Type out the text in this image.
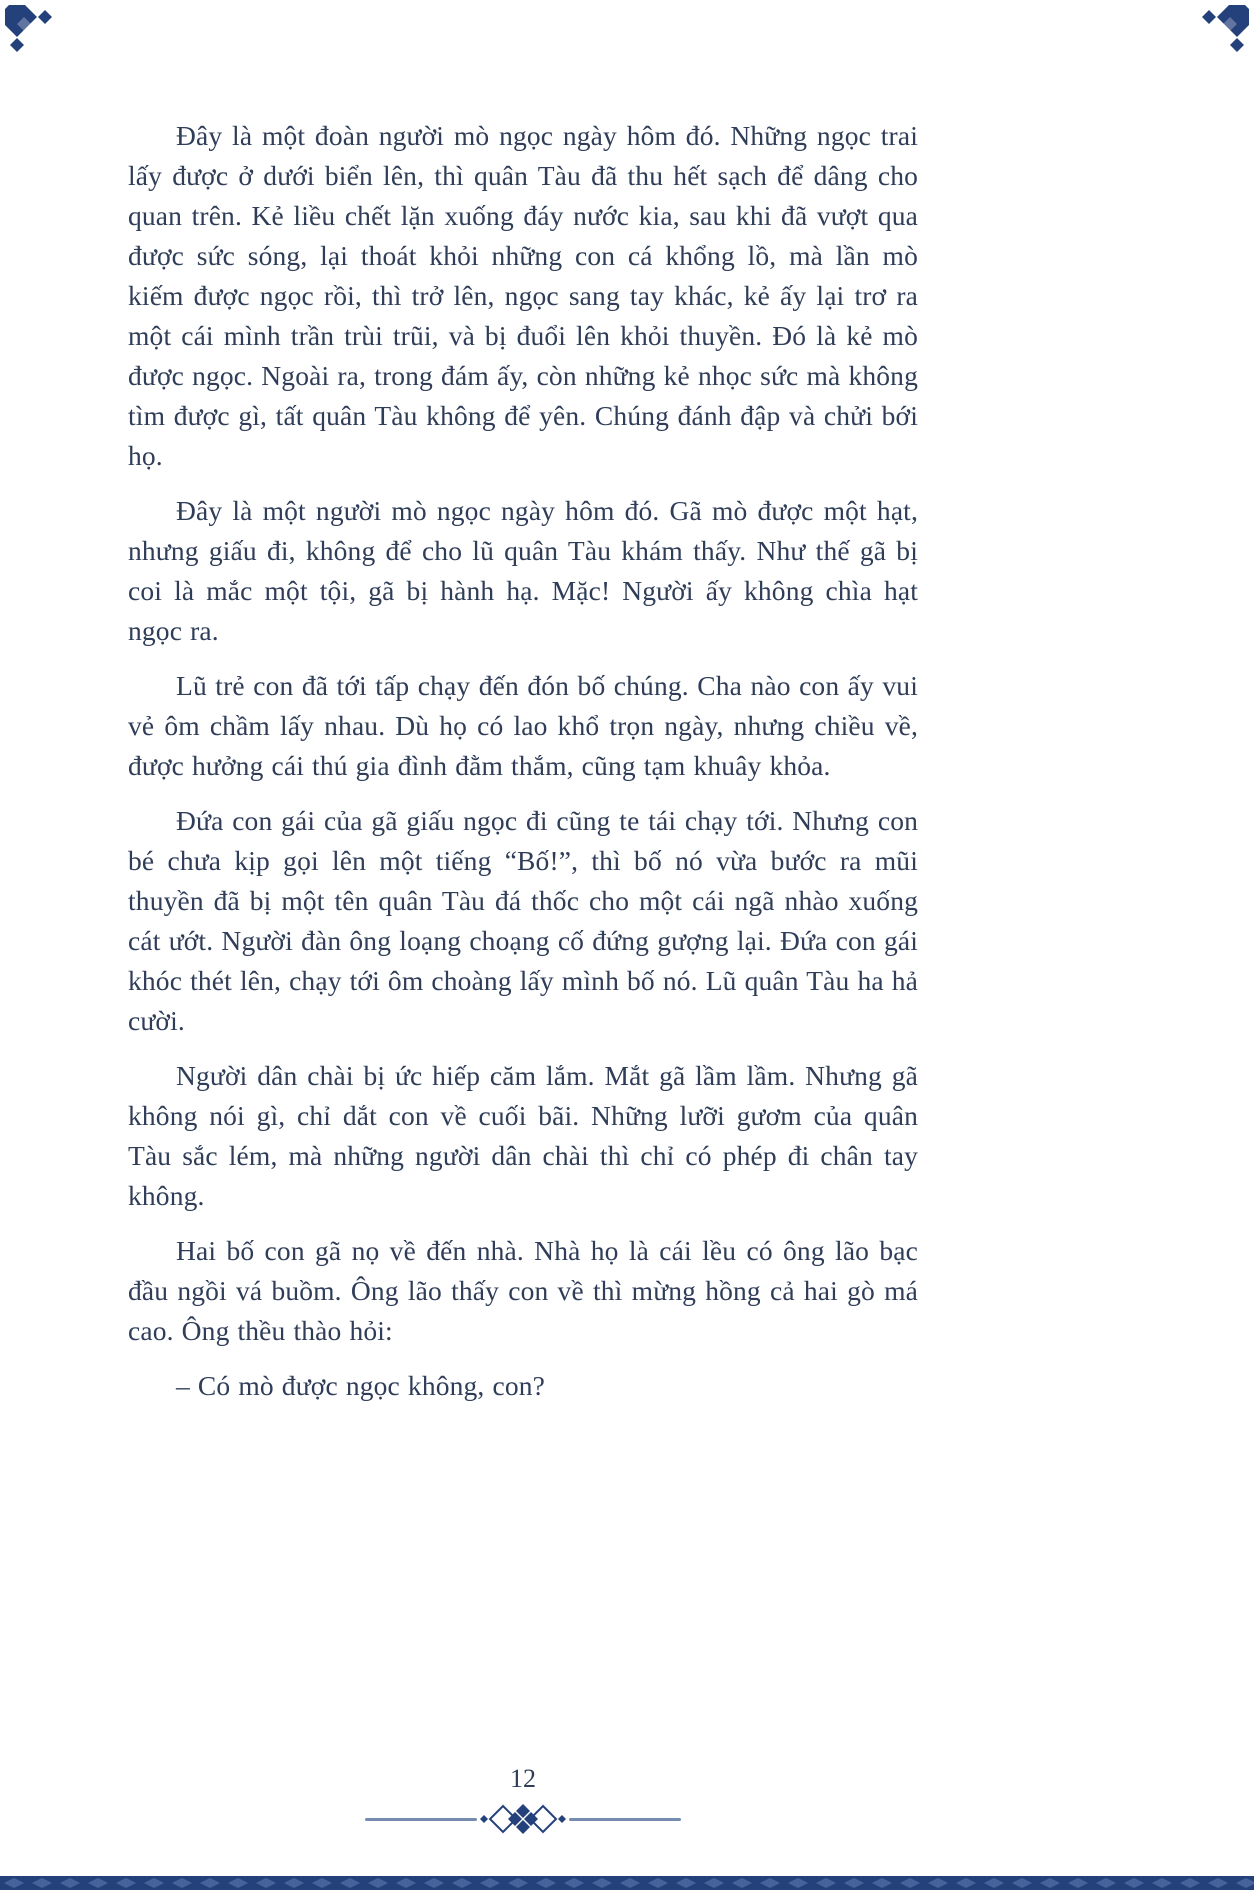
Đây là một đoàn người mò ngọc ngày hôm đó. Những ngọc trai lấy được ở dưới biển lên, thì quân Tàu đã thu hết sạch để dâng cho quan trên. Kẻ liều chết lặn xuống đáy nước kia, sau khi đã vượt qua được sức sóng, lại thoát khỏi những con cá khổng lồ, mà lần mò kiếm được ngọc rồi, thì trở lên, ngọc sang tay khác, kẻ ấy lại trơ ra một cái mình trần trùi trũi, và bị đuổi lên khỏi thuyền. Đó là kẻ mò được ngọc. Ngoài ra, trong đám ấy, còn những kẻ nhọc sức mà không tìm được gì, tất quân Tàu không để yên. Chúng đánh đập và chửi bới họ.

Đây là một người mò ngọc ngày hôm đó. Gã mò được một hạt, nhưng giấu đi, không để cho lũ quân Tàu khám thấy. Như thế gã bị coi là mắc một tội, gã bị hành hạ. Mặc! Người ấy không chìa hạt ngọc ra.

Lũ trẻ con đã tới tấp chạy đến đón bố chúng. Cha nào con ấy vui vẻ ôm chầm lấy nhau. Dù họ có lao khổ trọn ngày, nhưng chiều về, được hưởng cái thú gia đình đằm thắm, cũng tạm khuây khỏa.

Đứa con gái của gã giấu ngọc đi cũng te tái chạy tới. Nhưng con bé chưa kịp gọi lên một tiếng “Bố!”, thì bố nó vừa bước ra mũi thuyền đã bị một tên quân Tàu đá thốc cho một cái ngã nhào xuống cát ướt. Người đàn ông loạng choạng cố đứng gượng lại. Đứa con gái khóc thét lên, chạy tới ôm choàng lấy mình bố nó. Lũ quân Tàu ha hả cười.

Người dân chài bị ức hiếp căm lắm. Mắt gã lầm lầm. Nhưng gã không nói gì, chỉ dắt con về cuối bãi. Những lưỡi gươm của quân Tàu sắc lém, mà những người dân chài thì chỉ có phép đi chân tay không.

Hai bố con gã nọ về đến nhà. Nhà họ là cái lều có ông lão bạc đầu ngồi vá buồm. Ông lão thấy con về thì mừng hồng cả hai gò má cao. Ông thều thào hỏi:

– Có mò được ngọc không, con?

12
